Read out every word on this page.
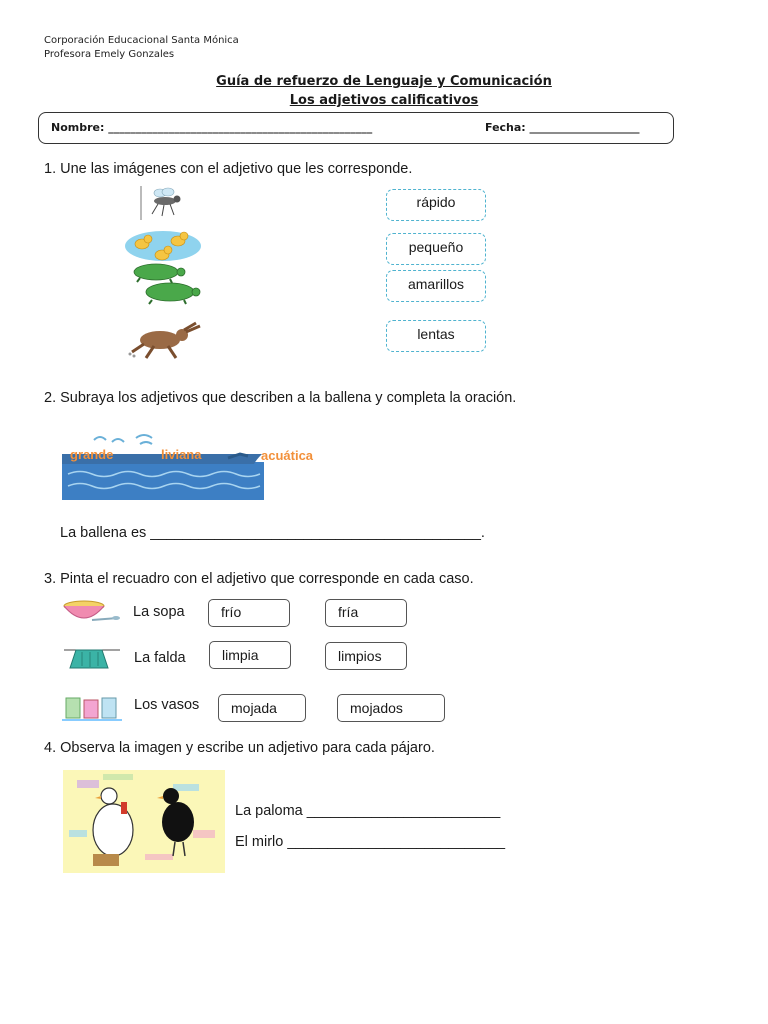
Corporación Educacional Santa Mónica
Profesora Emely Gonzales
Guía de refuerzo de Lenguaje y Comunicación
Los adjetivos calificativos
Nombre: ________________________________________________	Fecha: ____________________
1. Une las imágenes con el adjetivo que les corresponde.
rápido
pequeño
amarillos
lentas
2. Subraya los adjetivos que describen a la ballena y completa la oración.
grande	liviana	acuática
La ballena es _________________________________________.
3. Pinta el recuadro con el adjetivo que corresponde en cada caso.
La sopa	frío	fría
La falda	limpia	limpios
Los vasos	mojada	mojados
4. Observa la imagen y escribe un adjetivo para cada pájaro.
La paloma ________________________
El mirlo ___________________________
